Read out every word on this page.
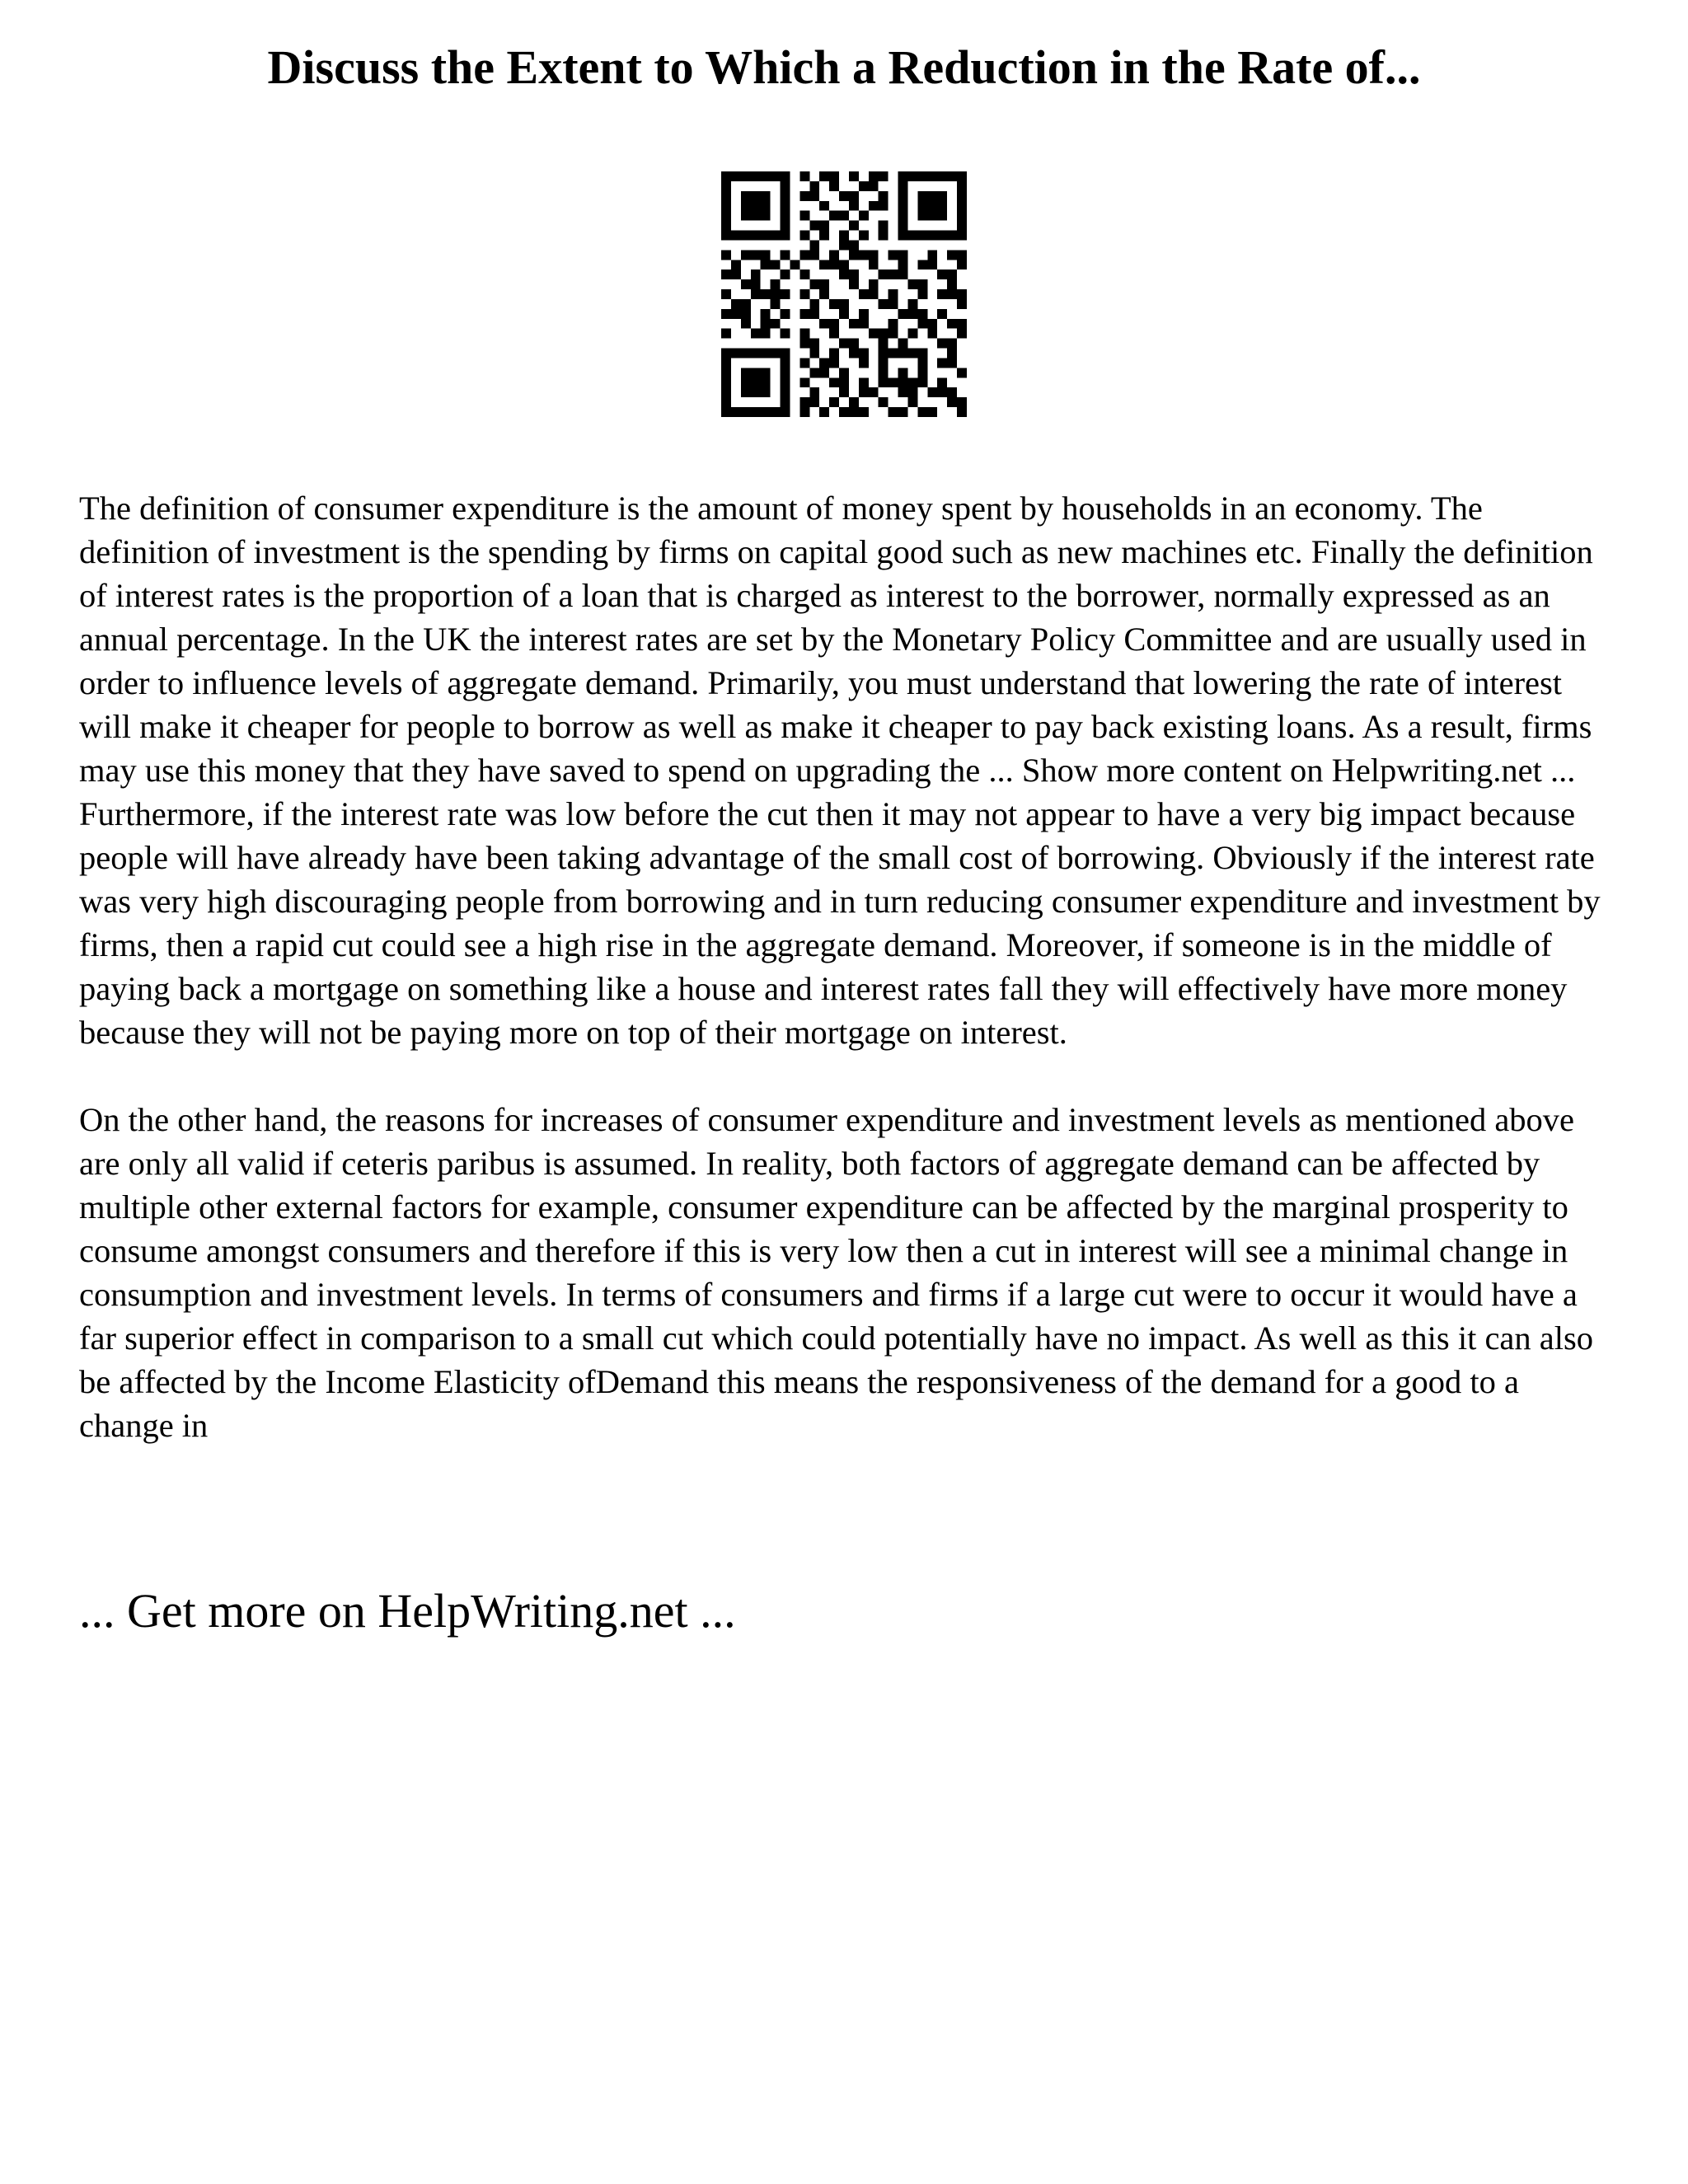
Discuss the Extent to Which a Reduction in the Rate of...

The definition of consumer expenditure is the amount of money spent by households in an economy. The definition of investment is the spending by firms on capital good such as new machines etc. Finally the definition of interest rates is the proportion of a loan that is charged as interest to the borrower, normally expressed as an annual percentage. In the UK the interest rates are set by the Monetary Policy Committee and are usually used in order to influence levels of aggregate demand. Primarily, you must understand that lowering the rate of interest will make it cheaper for people to borrow as well as make it cheaper to pay back existing loans. As a result, firms may use this money that they have saved to spend on upgrading the ... Show more content on Helpwriting.net ... Furthermore, if the interest rate was low before the cut then it may not appear to have a very big impact because people will have already have been taking advantage of the small cost of borrowing. Obviously if the interest rate was very high discouraging people from borrowing and in turn reducing consumer expenditure and investment by firms, then a rapid cut could see a high rise in the aggregate demand. Moreover, if someone is in the middle of paying back a mortgage on something like a house and interest rates fall they will effectively have more money because they will not be paying more on top of their mortgage on interest.

On the other hand, the reasons for increases of consumer expenditure and investment levels as mentioned above are only all valid if ceteris paribus is assumed. In reality, both factors of aggregate demand can be affected by multiple other external factors for example, consumer expenditure can be affected by the marginal prosperity to consume amongst consumers and therefore if this is very low then a cut in interest will see a minimal change in consumption and investment levels. In terms of consumers and firms if a large cut were to occur it would have a far superior effect in comparison to a small cut which could potentially have no impact. As well as this it can also be affected by the Income Elasticity ofDemand this means the responsiveness of the demand for a good to a change in

... Get more on HelpWriting.net ...
